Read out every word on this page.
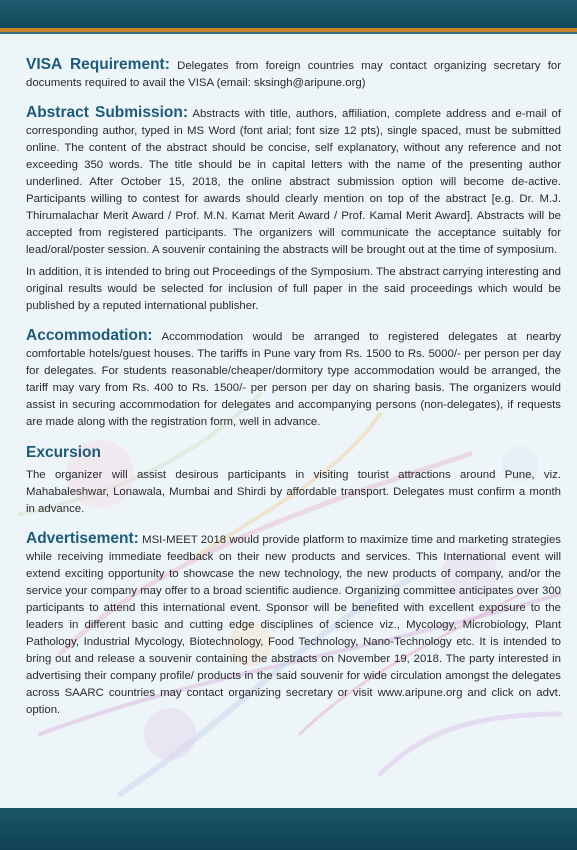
VISA Requirement: Delegates from foreign countries may contact organizing secretary for documents required to avail the VISA (email: sksingh@aripune.org)

Abstract Submission: Abstracts with title, authors, affiliation, complete address and e-mail of corresponding author, typed in MS Word (font arial; font size 12 pts), single spaced, must be submitted online. The content of the abstract should be concise, self explanatory, without any reference and not exceeding 350 words. The title should be in capital letters with the name of the presenting author underlined. After October 15, 2018, the online abstract submission option will become de-active. Participants willing to contest for awards should clearly mention on top of the abstract [e.g. Dr. M.J. Thirumalachar Merit Award / Prof. M.N. Kamat Merit Award / Prof. Kamal Merit Award]. Abstracts will be accepted from registered participants. The organizers will communicate the acceptance suitably for lead/oral/poster session. A souvenir containing the abstracts will be brought out at the time of symposium.

In addition, it is intended to bring out Proceedings of the Symposium. The abstract carrying interesting and original results would be selected for inclusion of full paper in the said proceedings which would be published by a reputed international publisher.

Accommodation: Accommodation would be arranged to registered delegates at nearby comfortable hotels/guest houses. The tariffs in Pune vary from Rs. 1500 to Rs. 5000/- per person per day for delegates. For students reasonable/cheaper/dormitory type accommodation would be arranged, the tariff may vary from Rs. 400 to Rs. 1500/- per person per day on sharing basis. The organizers would assist in securing accommodation for delegates and accompanying persons (non-delegates), if requests are made along with the registration form, well in advance.

Excursion

The organizer will assist desirous participants in visiting tourist attractions around Pune, viz. Mahabaleshwar, Lonawala, Mumbai and Shirdi by affordable transport. Delegates must confirm a month in advance.

Advertisement: MSI-MEET 2018 would provide platform to maximize time and marketing strategies while receiving immediate feedback on their new products and services. This International event will extend exciting opportunity to showcase the new technology, the new products of company, and/or the service your company may offer to a broad scientific audience. Organizing committee anticipates over 300 participants to attend this international event. Sponsor will be benefited with excellent exposure to the leaders in different basic and cutting edge disciplines of science viz., Mycology, Microbiology, Plant Pathology, Industrial Mycology, Biotechnology, Food Technology, Nano-Technology etc. It is intended to bring out and release a souvenir containing the abstracts on November 19, 2018. The party interested in advertising their company profile/ products in the said souvenir for wide circulation amongst the delegates across SAARC countries may contact organizing secretary or visit www.aripune.org and click on advt. option.
